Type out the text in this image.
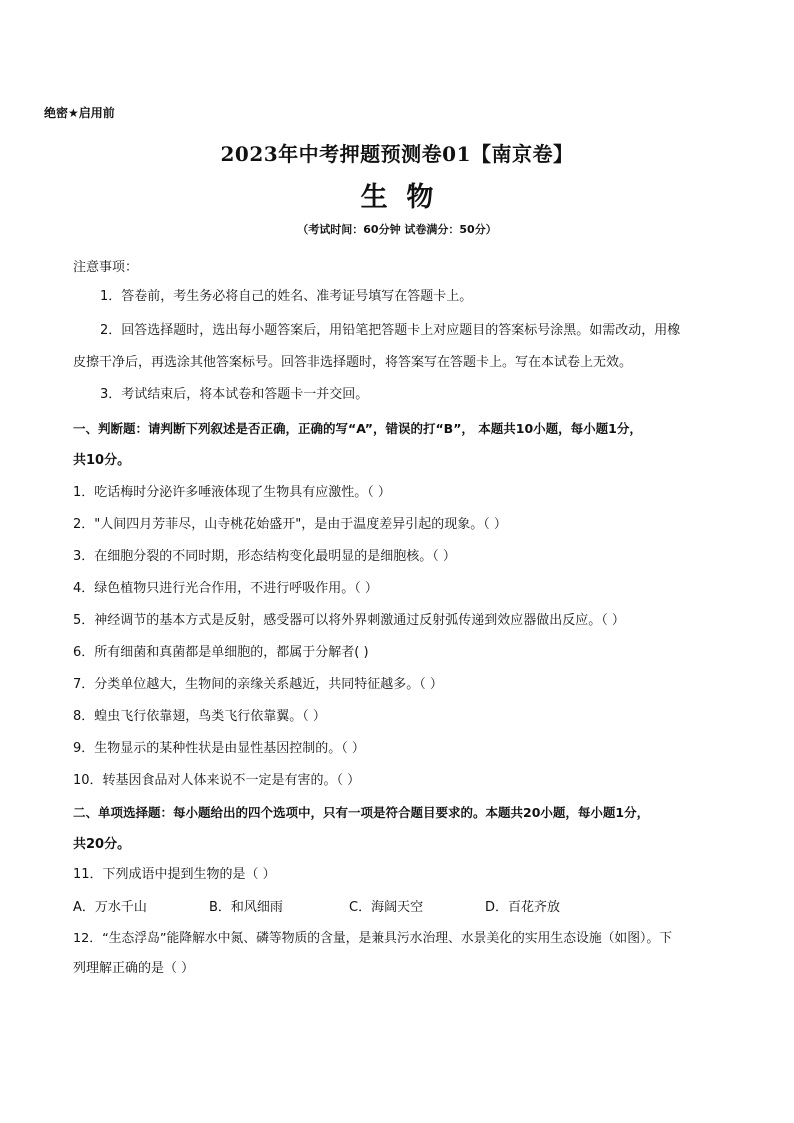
绝密★启用前
2023年中考押题预测卷01【南京卷】
生  物
（考试时间：60分钟 试卷满分：50分）
注意事项：
1．答卷前，考生务必将自己的姓名、准考证号填写在答题卡上。
2．回答选择题时，选出每小题答案后，用铅笔把答题卡上对应题目的答案标号涂黑。如需改动，用橡
皮擦干净后，再选涂其他答案标号。回答非选择题时，将答案写在答题卡上。写在本试卷上无效。
3．考试结束后，将本试卷和答题卡一并交回。
一、判断题：请判断下列叙述是否正确，正确的写“A”，错误的打“B”， 本题共10小题，每小题1分，
共10分。
1．吃话梅时分泌许多唾液体现了生物具有应激性。（ ）
2．"人间四月芳菲尽，山寺桃花始盛开"，是由于温度差异引起的现象。（ ）
3．在细胞分裂的不同时期，形态结构变化最明显的是细胞核。（ ）
4．绿色植物只进行光合作用，不进行呼吸作用。（ ）
5．神经调节的基本方式是反射，感受器可以将外界刺激通过反射弧传递到效应器做出反应。（ ）
6．所有细菌和真菌都是单细胞的，都属于分解者( )
7．分类单位越大，生物间的亲缘关系越近，共同特征越多。（ ）
8．蝗虫飞行依靠翅，鸟类飞行依靠翼。（ ）
9．生物显示的某种性状是由显性基因控制的。（ ）
10．转基因食品对人体来说不一定是有害的。（ ）
二、单项选择题：每小题给出的四个选项中，只有一项是符合题目要求的。本题共20小题，每小题1分，
共20分。
11．下列成语中提到生物的是（ ）
A．万水千山	B．和风细雨	C．海阔天空	D．百花齐放
12．“生态浮岛”能降解水中氮、磷等物质的含量，是兼具污水治理、水景美化的实用生态设施（如图）。下
列理解正确的是（ ）
